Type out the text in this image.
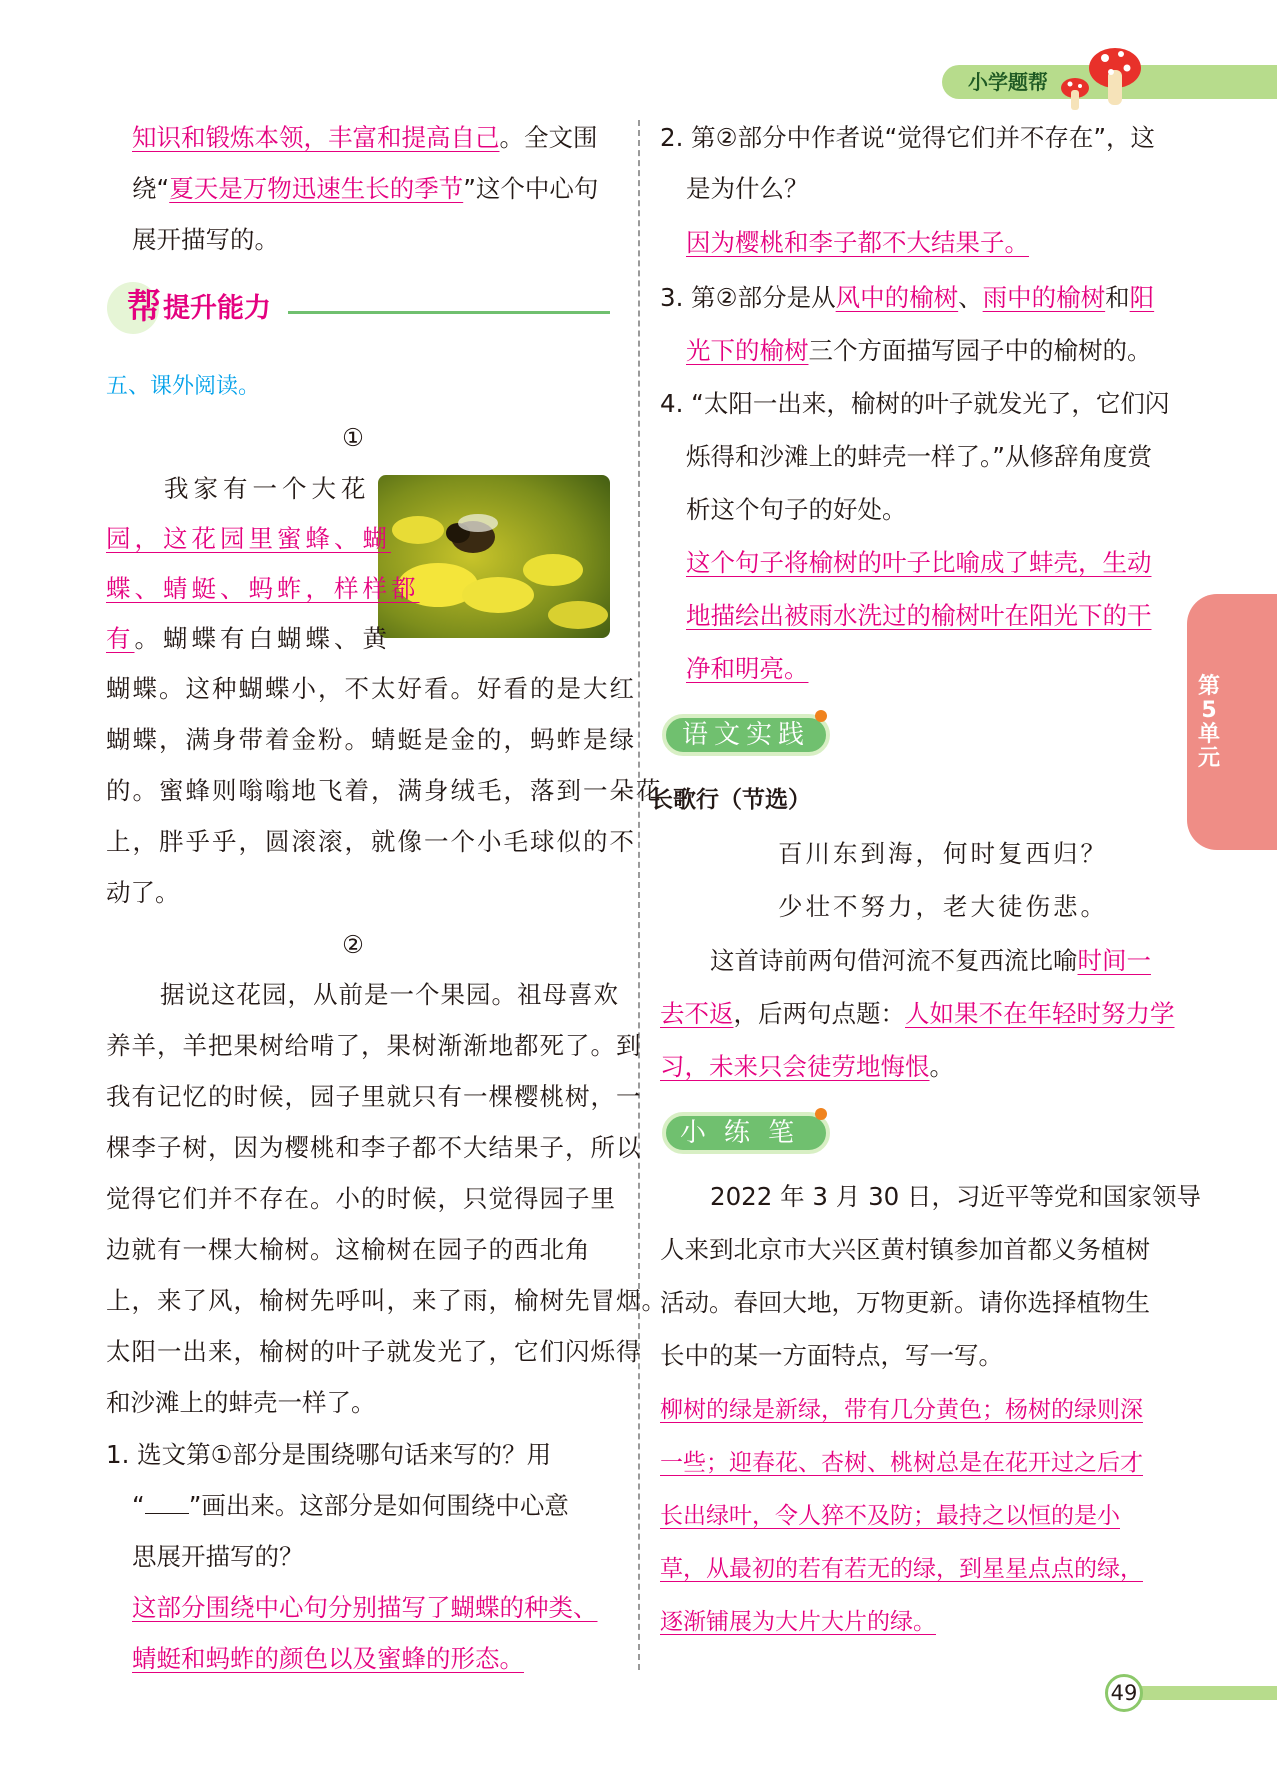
小学题帮
第5单元
知识和锻炼本领，丰富和提高自己。全文围
绕“夏天是万物迅速生长的季节”这个中心句
展开描写的。
帮 提升能力
五、课外阅读。
①
我家有一个大花
园，这花园里蜜蜂、蝴
蝶、蜻蜓、蚂蚱，样样都
有。蝴蝶有白蝴蝶、黄
蝴蝶。这种蝴蝶小，不太好看。好看的是大红
蝴蝶，满身带着金粉。蜻蜓是金的，蚂蚱是绿
的。蜜蜂则嗡嗡地飞着，满身绒毛，落到一朵花
上，胖乎乎，圆滚滚，就像一个小毛球似的不
动了。
②
据说这花园，从前是一个果园。祖母喜欢
养羊，羊把果树给啃了，果树渐渐地都死了。到
我有记忆的时候，园子里就只有一棵樱桃树，一
棵李子树，因为樱桃和李子都不大结果子，所以
觉得它们并不存在。小的时候，只觉得园子里
边就有一棵大榆树。这榆树在园子的西北角
上，来了风，榆树先呼叫，来了雨，榆树先冒烟。
太阳一出来，榆树的叶子就发光了，它们闪烁得
和沙滩上的蚌壳一样了。
1. 选文第①部分是围绕哪句话来写的？用
“ ”画出来。这部分是如何围绕中心意
思展开描写的？
这部分围绕中心句分别描写了蝴蝶的种类、
蜻蜓和蚂蚱的颜色以及蜜蜂的形态。
2. 第②部分中作者说“觉得它们并不存在”，这
是为什么？
因为樱桃和李子都不大结果子。
3. 第②部分是从风中的榆树、雨中的榆树和阳
光下的榆树三个方面描写园子中的榆树的。
4. “太阳一出来，榆树的叶子就发光了，它们闪
烁得和沙滩上的蚌壳一样了。”从修辞角度赏
析这个句子的好处。
这个句子将榆树的叶子比喻成了蚌壳，生动
地描绘出被雨水洗过的榆树叶在阳光下的干
净和明亮。
语文实践
长歌行（节选）
百川东到海，何时复西归？
少壮不努力，老大徒伤悲。
这首诗前两句借河流不复西流比喻时间一
去不返，后两句点题：人如果不在年轻时努力学
习，未来只会徒劳地悔恨。
小练笔
2022 年 3 月 30 日，习近平等党和国家领导
人来到北京市大兴区黄村镇参加首都义务植树
活动。春回大地，万物更新。请你选择植物生
长中的某一方面特点，写一写。
柳树的绿是新绿，带有几分黄色；杨树的绿则深
一些；迎春花、杏树、桃树总是在花开过之后才
长出绿叶，令人猝不及防；最持之以恒的是小
草，从最初的若有若无的绿，到星星点点的绿，
逐渐铺展为大片大片的绿。
49
